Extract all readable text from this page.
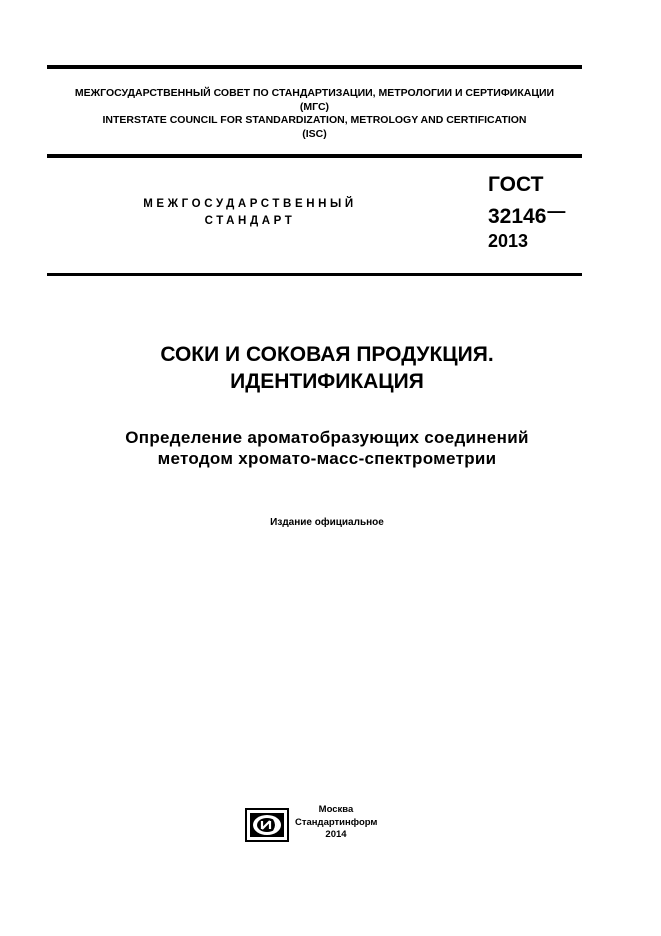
МЕЖГОСУДАРСТВЕННЫЙ СОВЕТ ПО СТАНДАРТИЗАЦИИ, МЕТРОЛОГИИ И СЕРТИФИКАЦИИ
(МГС)
INTERSTATE COUNCIL FOR STANDARDIZATION, METROLOGY AND CERTIFICATION
(ISC)
МЕЖГОСУДАРСТВЕННЫЙ
СТАНДАРТ
ГОСТ
32146—
2013
СОКИ И СОКОВАЯ ПРОДУКЦИЯ.
ИДЕНТИФИКАЦИЯ
Определение ароматобразующих соединений
методом хромато-масс-спектрометрии
Издание официальное
Москва
Стандартинформ
2014
